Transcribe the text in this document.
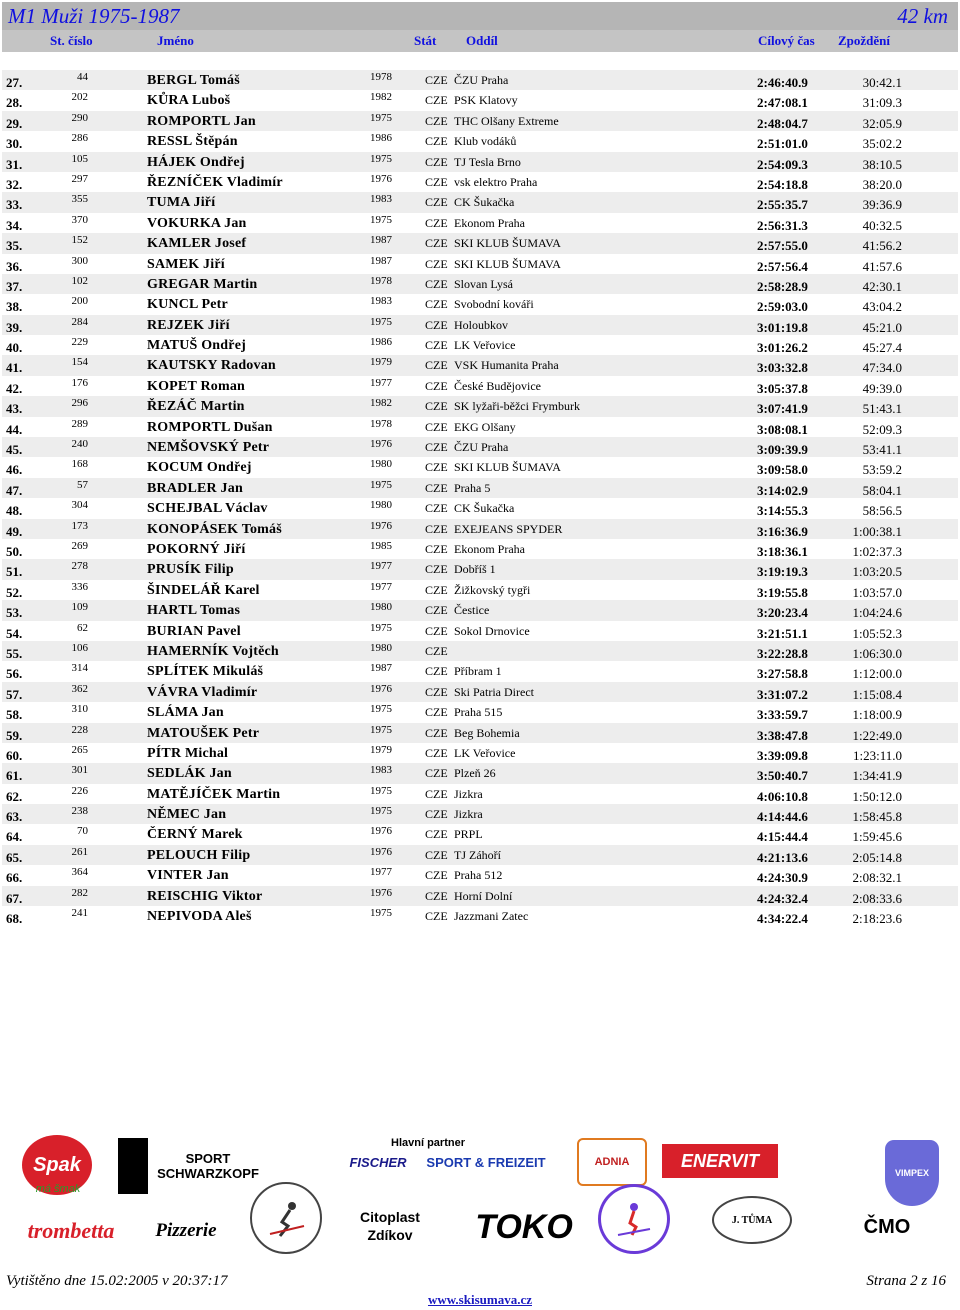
M1 Muži 1975-1987	42 km
St. číslo	Jméno	Stát Oddíl	Cílový čas Zpoždění
27.	44	BERGL Tomáš	1978	CZE ČZU Praha	2:46:40.9	30:42.1
28.	202	KŮRA Luboš	1982	CZE PSK Klatovy	2:47:08.1	31:09.3
29.	290	ROMPORTL Jan	1975	CZE THC Olšany Extreme	2:48:04.7	32:05.9
30.	286	RESSL Štěpán	1986	CZE Klub vodáků	2:51:01.0	35:02.2
31.	105	HÁJEK Ondřej	1975	CZE TJ Tesla Brno	2:54:09.3	38:10.5
32.	297	ŘEZNÍČEK Vladimír	1976	CZE vsk elektro Praha	2:54:18.8	38:20.0
33.	355	TUMA Jiří	1983	CZE CK Šukačka	2:55:35.7	39:36.9
34.	370	VOKURKA Jan	1975	CZE Ekonom Praha	2:56:31.3	40:32.5
35.	152	KAMLER Josef	1987	CZE SKI KLUB ŠUMAVA	2:57:55.0	41:56.2
36.	300	SAMEK Jiří	1987	CZE SKI KLUB ŠUMAVA	2:57:56.4	41:57.6
37.	102	GREGAR Martin	1978	CZE Slovan Lysá	2:58:28.9	42:30.1
38.	200	KUNCL Petr	1983	CZE Svobodní kováři	2:59:03.0	43:04.2
39.	284	REJZEK Jiří	1975	CZE Holoubkov	3:01:19.8	45:21.0
40.	229	MATUŠ Ondřej	1986	CZE LK Veřovice	3:01:26.2	45:27.4
41.	154	KAUTSKY Radovan	1979	CZE VSK Humanita Praha	3:03:32.8	47:34.0
42.	176	KOPET Roman	1977	CZE České Budějovice	3:05:37.8	49:39.0
43.	296	ŘEZÁČ Martin	1982	CZE SK lyžaři-běžci Frymburk	3:07:41.9	51:43.1
44.	289	ROMPORTL Dušan	1978	CZE EKG Olšany	3:08:08.1	52:09.3
45.	240	NEMŠOVSKÝ Petr	1976	CZE ČZU Praha	3:09:39.9	53:41.1
46.	168	KOCUM Ondřej	1980	CZE SKI KLUB ŠUMAVA	3:09:58.0	53:59.2
47.	57	BRADLER Jan	1975	CZE Praha 5	3:14:02.9	58:04.1
48.	304	SCHEJBAL Václav	1980	CZE CK Šukačka	3:14:55.3	58:56.5
49.	173	KONOPÁSEK Tomáš	1976	CZE EXEJEANS SPYDER	3:16:36.9	1:00:38.1
50.	269	POKORNÝ Jiří	1985	CZE Ekonom Praha	3:18:36.1	1:02:37.3
51.	278	PRUSÍK Filip	1977	CZE Dobříš 1	3:19:19.3	1:03:20.5
52.	336	ŠINDELÁŘ Karel	1977	CZE Žižkovský tygři	3:19:55.8	1:03:57.0
53.	109	HARTL Tomas	1980	CZE Čestice	3:20:23.4	1:04:24.6
54.	62	BURIAN Pavel	1975	CZE Sokol Drnovice	3:21:51.1	1:05:52.3
55.	106	HAMERNÍK Vojtěch	1980	CZE	3:22:28.8	1:06:30.0
56.	314	SPLÍTEK Mikuláš	1987	CZE Příbram 1	3:27:58.8	1:12:00.0
57.	362	VÁVRA Vladimír	1976	CZE Ski Patria Direct	3:31:07.2	1:15:08.4
58.	310	SLÁMA Jan	1975	CZE Praha 515	3:33:59.7	1:18:00.9
59.	228	MATOUŠEK Petr	1975	CZE Beg Bohemia	3:38:47.8	1:22:49.0
60.	265	PÍTR Michal	1979	CZE LK Veřovice	3:39:09.8	1:23:11.0
61.	301	SEDLÁK Jan	1983	CZE Plzeň 26	3:50:40.7	1:34:41.9
62.	226	MATĚJÍČEK Martin	1975	CZE Jizkra	4:06:10.8	1:50:12.0
63.	238	NĚMEC Jan	1975	CZE Jizkra	4:14:44.6	1:58:45.8
64.	70	ČERNÝ Marek	1976	CZE PRPL	4:15:44.4	1:59:45.6
65.	261	PELOUCH Filip	1976	CZE TJ Záhoří	4:21:13.6	2:05:14.8
66.	364	VINTER Jan	1977	CZE Praha 512	4:24:30.9	2:08:32.1
67.	282	REISCHIG Viktor	1976	CZE Horní Dolní	4:24:32.4	2:08:33.6
68.	241	NEPIVODA Aleš	1975	CZE Jazzmani Zatec	4:34:22.4	2:18:23.6
Spak
má šmak
SPORT SCHWARZKOPF
Hlavní partner
FISCHER	SPORT & FREIZEIT	ADNIA	ENERVIT
VIMPEX
trombetta	Pizzerie
Citoplast Zdíkov	TOKO	J. TŮMA	ČMO
Vytištěno dne 15.02:2005 v 20:37:17	Strana 2 z 16
www.skisumava.cz
